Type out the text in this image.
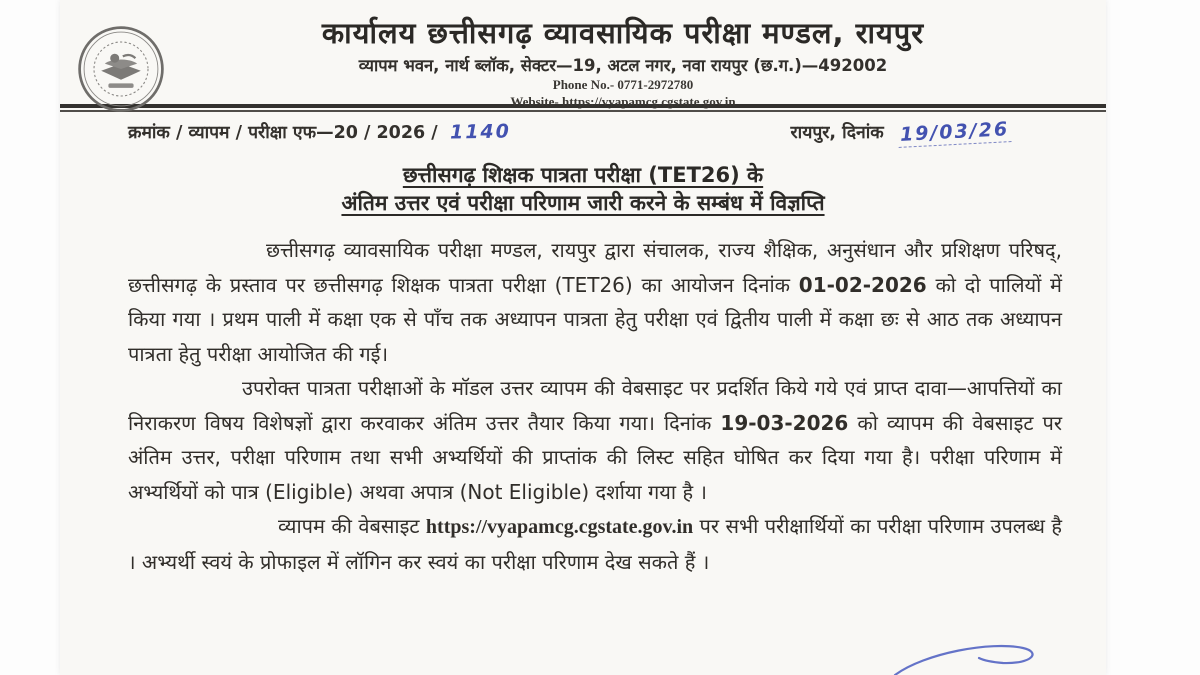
कार्यालय छत्तीसगढ़ व्यावसायिक परीक्षा मण्डल, रायपुर
व्यापम भवन, नार्थ ब्लॉक, सेक्टर—19, अटल नगर, नवा रायपुर (छ.ग.)—492002
Phone No.- 0771-2972780
Website- https://vyapamcg.cgstate.gov.in
क्रमांक / व्यापम / परीक्षा एफ—20 / 2026 / 1140	रायपुर, दिनांक 19/03/26
छत्तीसगढ़ शिक्षक पात्रता परीक्षा (TET26) के
अंतिम उत्तर एवं परीक्षा परिणाम जारी करने के सम्बंध में विज्ञप्ति

छत्तीसगढ़ व्यावसायिक परीक्षा मण्डल, रायपुर द्वारा संचालक, राज्य शैक्षिक, अनुसंधान और प्रशिक्षण परिषद्, छत्तीसगढ़ के प्रस्ताव पर छत्तीसगढ़ शिक्षक पात्रता परीक्षा (TET26) का आयोजन दिनांक 01-02-2026 को दो पालियों में किया गया । प्रथम पाली में कक्षा एक से पाँच तक अध्यापन पात्रता हेतु परीक्षा एवं द्वितीय पाली में कक्षा छः से आठ तक अध्यापन पात्रता हेतु परीक्षा आयोजित की गई।

उपरोक्त पात्रता परीक्षाओं के मॉडल उत्तर व्यापम की वेबसाइट पर प्रदर्शित किये गये एवं प्राप्त दावा—आपत्तियों का निराकरण विषय विशेषज्ञों द्वारा करवाकर अंतिम उत्तर तैयार किया गया। दिनांक 19-03-2026 को व्यापम की वेबसाइट पर अंतिम उत्तर, परीक्षा परिणाम तथा सभी अभ्यर्थियों की प्राप्तांक की लिस्ट सहित घोषित कर दिया गया है। परीक्षा परिणाम में अभ्यर्थियों को पात्र (Eligible) अथवा अपात्र (Not Eligible) दर्शाया गया है ।

व्यापम की वेबसाइट https://vyapamcg.cgstate.gov.in पर सभी परीक्षार्थियों का परीक्षा परिणाम उपलब्ध है । अभ्यर्थी स्वयं के प्रोफाइल में लॉगिन कर स्वयं का परीक्षा परिणाम देख सकते हैं ।
